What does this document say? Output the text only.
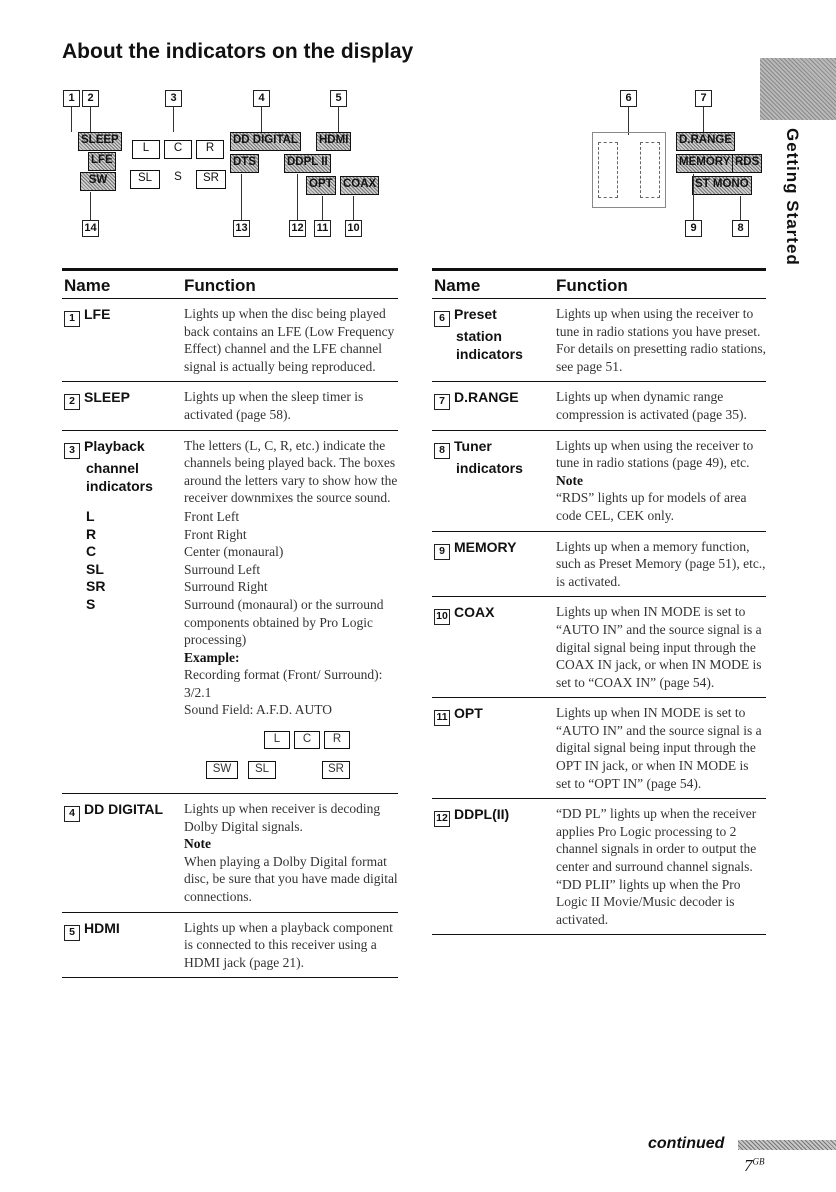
About the indicators on the display
Getting Started
1	2	3	4	5	6	7
SLEEP
LFE
SW
L	C	R
SL	S	SR
DD DIGITAL HDMI
DTS	DDPL II
OPT COAX
D.RANGE
MEMORY RDS
ST MONO
14	13	12 11 10	9	8
Name	Function
1 LFE	Lights up when the disc being played back contains an LFE (Low Frequency Effect) channel and the LFE channel signal is actually being reproduced.
2 SLEEP	Lights up when the sleep timer is activated (page 58).
3 Playback
channel
indicators
The letters (L, C, R, etc.) indicate the channels being played back. The boxes around the letters vary to show how the receiver downmixes the source sound.
L	Front Left
R	Front Right
C	Center (monaural)
SL	Surround Left
SR	Surround Right
S	Surround (monaural) or the surround components obtained by Pro Logic processing)
Example:
Recording format (Front/ Surround): 3/2.1
Sound Field: A.F.D. AUTO
L	C	R
SW	SL	SR
4 DD DIGITAL Lights up when receiver is decoding Dolby Digital signals.
Note
When playing a Dolby Digital format disc, be sure that you have made digital connections.
5 HDMI	Lights up when a playback component is connected to this receiver using a HDMI jack (page 21).
Name	Function
6 Preset
station
indicators
Lights up when using the receiver to tune in radio stations you have preset. For details on presetting radio stations, see page 51.
7 D.RANGE	Lights up when dynamic range compression is activated (page 35).
8 Tuner
indicators
Lights up when using the receiver to tune in radio stations (page 49), etc.
Note
“RDS” lights up for models of area code CEL, CEK only.
9 MEMORY	Lights up when a memory function, such as Preset Memory (page 51), etc., is activated.
10 COAX	Lights up when IN MODE is set to “AUTO IN” and the source signal is a digital signal being input through the COAX IN jack, or when IN MODE is set to “COAX IN” (page 54).
11 OPT	Lights up when IN MODE is set to “AUTO IN” and the source signal is a digital signal being input through the OPT IN jack, or when IN MODE is set to “OPT IN” (page 54).
12 DDPL(II)	“DD PL” lights up when the receiver applies Pro Logic processing to 2 channel signals in order to output the center and surround channel signals. “DD PLII” lights up when the Pro Logic II Movie/Music decoder is activated.
continued
$7^{GB}$
